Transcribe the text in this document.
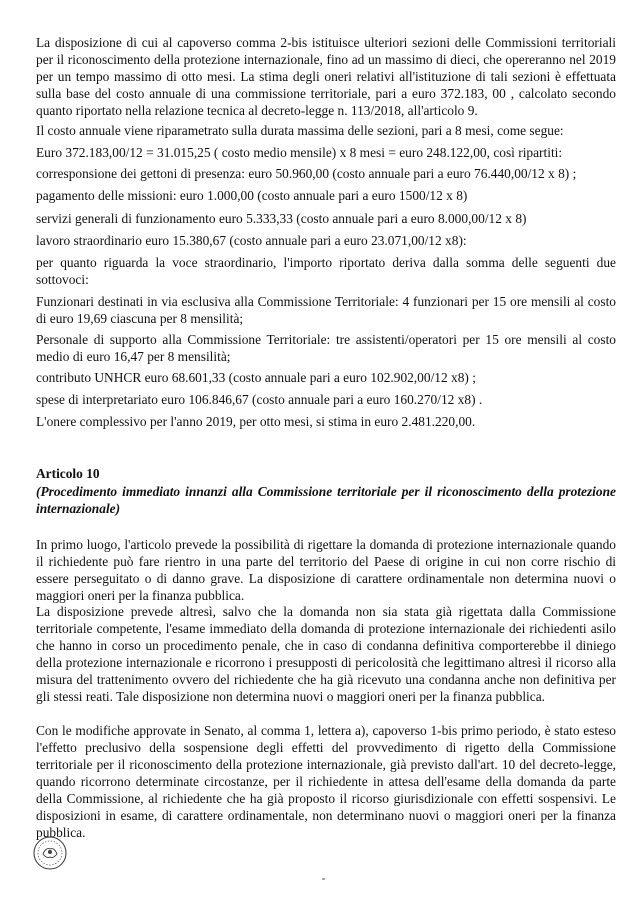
La disposizione di cui al capoverso comma 2-bis istituisce ulteriori sezioni delle Commissioni territoriali per il riconoscimento della protezione internazionale, fino ad un massimo di dieci, che opereranno nel 2019 per un tempo massimo di otto mesi. La stima degli oneri relativi all'istituzione di tali sezioni è effettuata sulla base del costo annuale di una commissione territoriale, pari a euro 372.183, 00 , calcolato secondo quanto riportato nella relazione tecnica al decreto-legge n. 113/2018, all'articolo 9.

Il costo annuale viene riparametrato sulla durata massima delle sezioni, pari a 8 mesi, come segue:

Euro 372.183,00/12 = 31.015,25 ( costo medio mensile) x 8 mesi = euro 248.122,00, così ripartiti:

corresponsione dei gettoni di presenza: euro 50.960,00 (costo annuale pari a euro 76.440,00/12 x 8) ;

pagamento delle missioni: euro 1.000,00 (costo annuale pari a euro 1500/12 x 8)

servizi generali di funzionamento euro 5.333,33 (costo annuale pari a euro 8.000,00/12 x 8)

lavoro straordinario euro 15.380,67 (costo annuale pari a euro 23.071,00/12 x8):

per quanto riguarda la voce straordinario, l'importo riportato deriva dalla somma delle seguenti due sottovoci:

Funzionari destinati in via esclusiva alla Commissione Territoriale: 4 funzionari per 15 ore mensili al costo di euro 19,69 ciascuna per 8 mensilità;

Personale di supporto alla Commissione Territoriale: tre assistenti/operatori per 15 ore mensili al costo medio di euro 16,47 per 8 mensilità;

contributo UNHCR euro 68.601,33 (costo annuale pari a euro 102.902,00/12 x8) ;

spese di interpretariato euro 106.846,67 (costo annuale pari a euro 160.270/12 x8) .

L'onere complessivo per l'anno 2019, per otto mesi, si stima in euro 2.481.220,00.

Articolo 10

(Procedimento immediato innanzi alla Commissione territoriale per il riconoscimento della protezione internazionale)

In primo luogo, l'articolo prevede la possibilità di rigettare la domanda di protezione internazionale quando il richiedente può fare rientro in una parte del territorio del Paese di origine in cui non corre rischio di essere perseguitato o di danno grave. La disposizione di carattere ordinamentale non determina nuovi o maggiori oneri per la finanza pubblica.

La disposizione prevede altresì, salvo che la domanda non sia stata già rigettata dalla Commissione territoriale competente, l'esame immediato della domanda di protezione internazionale dei richiedenti asilo che hanno in corso un procedimento penale, che in caso di condanna definitiva comporterebbe il diniego della protezione internazionale e ricorrono i presupposti di pericolosità che legittimano altresì il ricorso alla misura del trattenimento ovvero del richiedente che ha già ricevuto una condanna anche non definitiva per gli stessi reati. Tale disposizione non determina nuovi o maggiori oneri per la finanza pubblica.

Con le modifiche approvate in Senato, al comma 1, lettera a), capoverso 1-bis primo periodo, è stato esteso l'effetto preclusivo della sospensione degli effetti del provvedimento di rigetto della Commissione territoriale per il riconoscimento della protezione internazionale, già previsto dall'art. 10 del decreto-legge, quando ricorrono determinate circostanze, per il richiedente in attesa dell'esame della domanda da parte della Commissione, al richiedente che ha già proposto il ricorso giurisdizionale con effetti sospensivi. Le disposizioni in esame, di carattere ordinamentale, non determinano nuovi o maggiori oneri per la finanza pubblica.
